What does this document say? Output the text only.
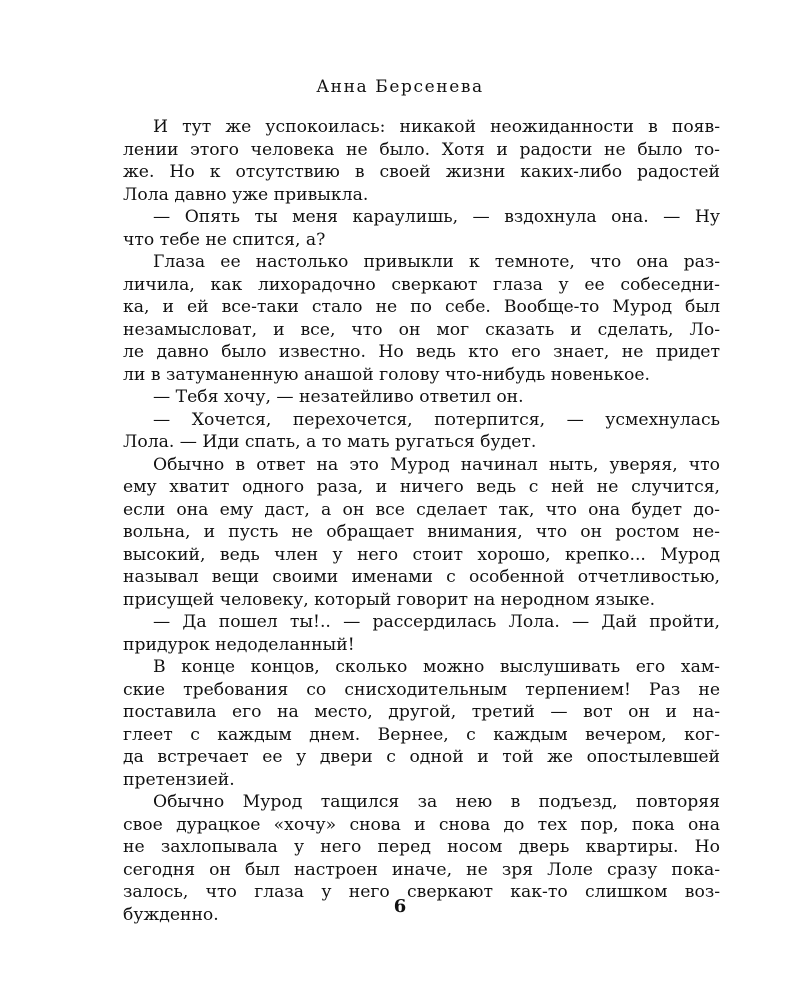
Анна Берсенева
И тут же успокоилась: никакой неожиданности в появ-
лении этого человека не было. Хотя и радости не было то-
же. Но к отсутствию в своей жизни каких-либо радостей
Лола давно уже привыкла.
— Опять ты меня караулишь, — вздохнула она. — Ну
что тебе не спится, а?
Глаза ее настолько привыкли к темноте, что она раз-
личила, как лихорадочно сверкают глаза у ее собеседни-
ка, и ей все-таки стало не по себе. Вообще-то Мурод был
незамысловат, и все, что он мог сказать и сделать, Ло-
ле давно было известно. Но ведь кто его знает, не придет
ли в затуманенную анашой голову что-нибудь новенькое.
— Тебя хочу, — незатейливо ответил он.
— Хочется, перехочется, потерпится, — усмехнулась
Лола. — Иди спать, а то мать ругаться будет.
Обычно в ответ на это Мурод начинал ныть, уверяя, что
ему хватит одного раза, и ничего ведь с ней не случится,
если она ему даст, а он все сделает так, что она будет до-
вольна, и пусть не обращает внимания, что он ростом не-
высокий, ведь член у него стоит хорошо, крепко... Мурод
называл вещи своими именами с особенной отчетливостью,
присущей человеку, который говорит на неродном языке.
— Да пошел ты!.. — рассердилась Лола. — Дай пройти,
придурок недоделанный!
В конце концов, сколько можно выслушивать его хам-
ские требования со снисходительным терпением! Раз не
поставила его на место, другой, третий — вот он и на-
глеет с каждым днем. Вернее, с каждым вечером, ког-
да встречает ее у двери с одной и той же опостылевшей
претензией.
Обычно Мурод тащился за нею в подъезд, повторяя
свое дурацкое «хочу» снова и снова до тех пор, пока она
не захлопывала у него перед носом дверь квартиры. Но
сегодня он был настроен иначе, не зря Лоле сразу пока-
залось, что глаза у него сверкают как-то слишком воз-
бужденно.	6
